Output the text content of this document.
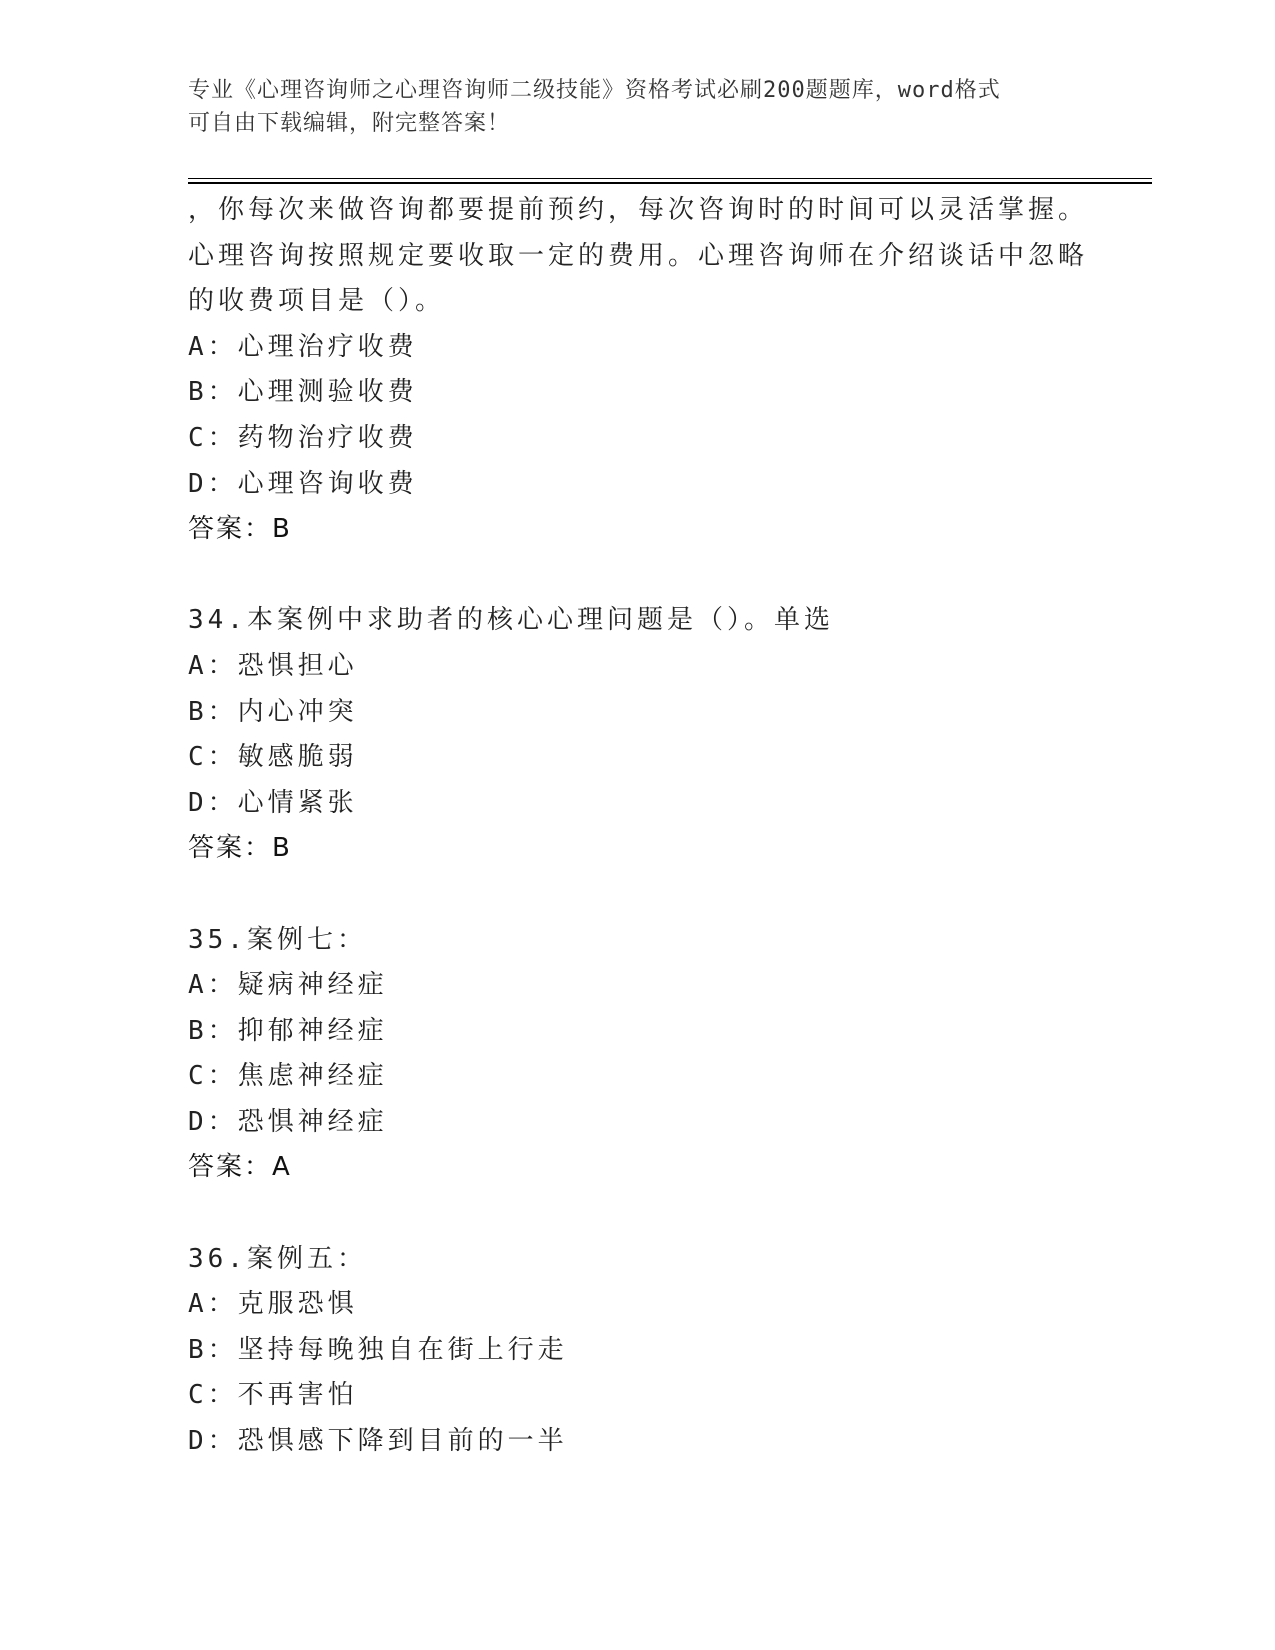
专业《心理咨询师之心理咨询师二级技能》资格考试必刷200题题库，word格式
可自由下载编辑，附完整答案！
，你每次来做咨询都要提前预约，每次咨询时的时间可以灵活掌握。
心理咨询按照规定要收取一定的费用。心理咨询师在介绍谈话中忽略
的收费项目是（）。
A：心理治疗收费
B：心理测验收费
C：药物治疗收费
D：心理咨询收费
答案：B
34.本案例中求助者的核心心理问题是（）。单选
A：恐惧担心
B：内心冲突
C：敏感脆弱
D：心情紧张
答案：B
35.案例七：
A：疑病神经症
B：抑郁神经症
C：焦虑神经症
D：恐惧神经症
答案：A
36.案例五：
A：克服恐惧
B：坚持每晚独自在街上行走
C：不再害怕
D：恐惧感下降到目前的一半
